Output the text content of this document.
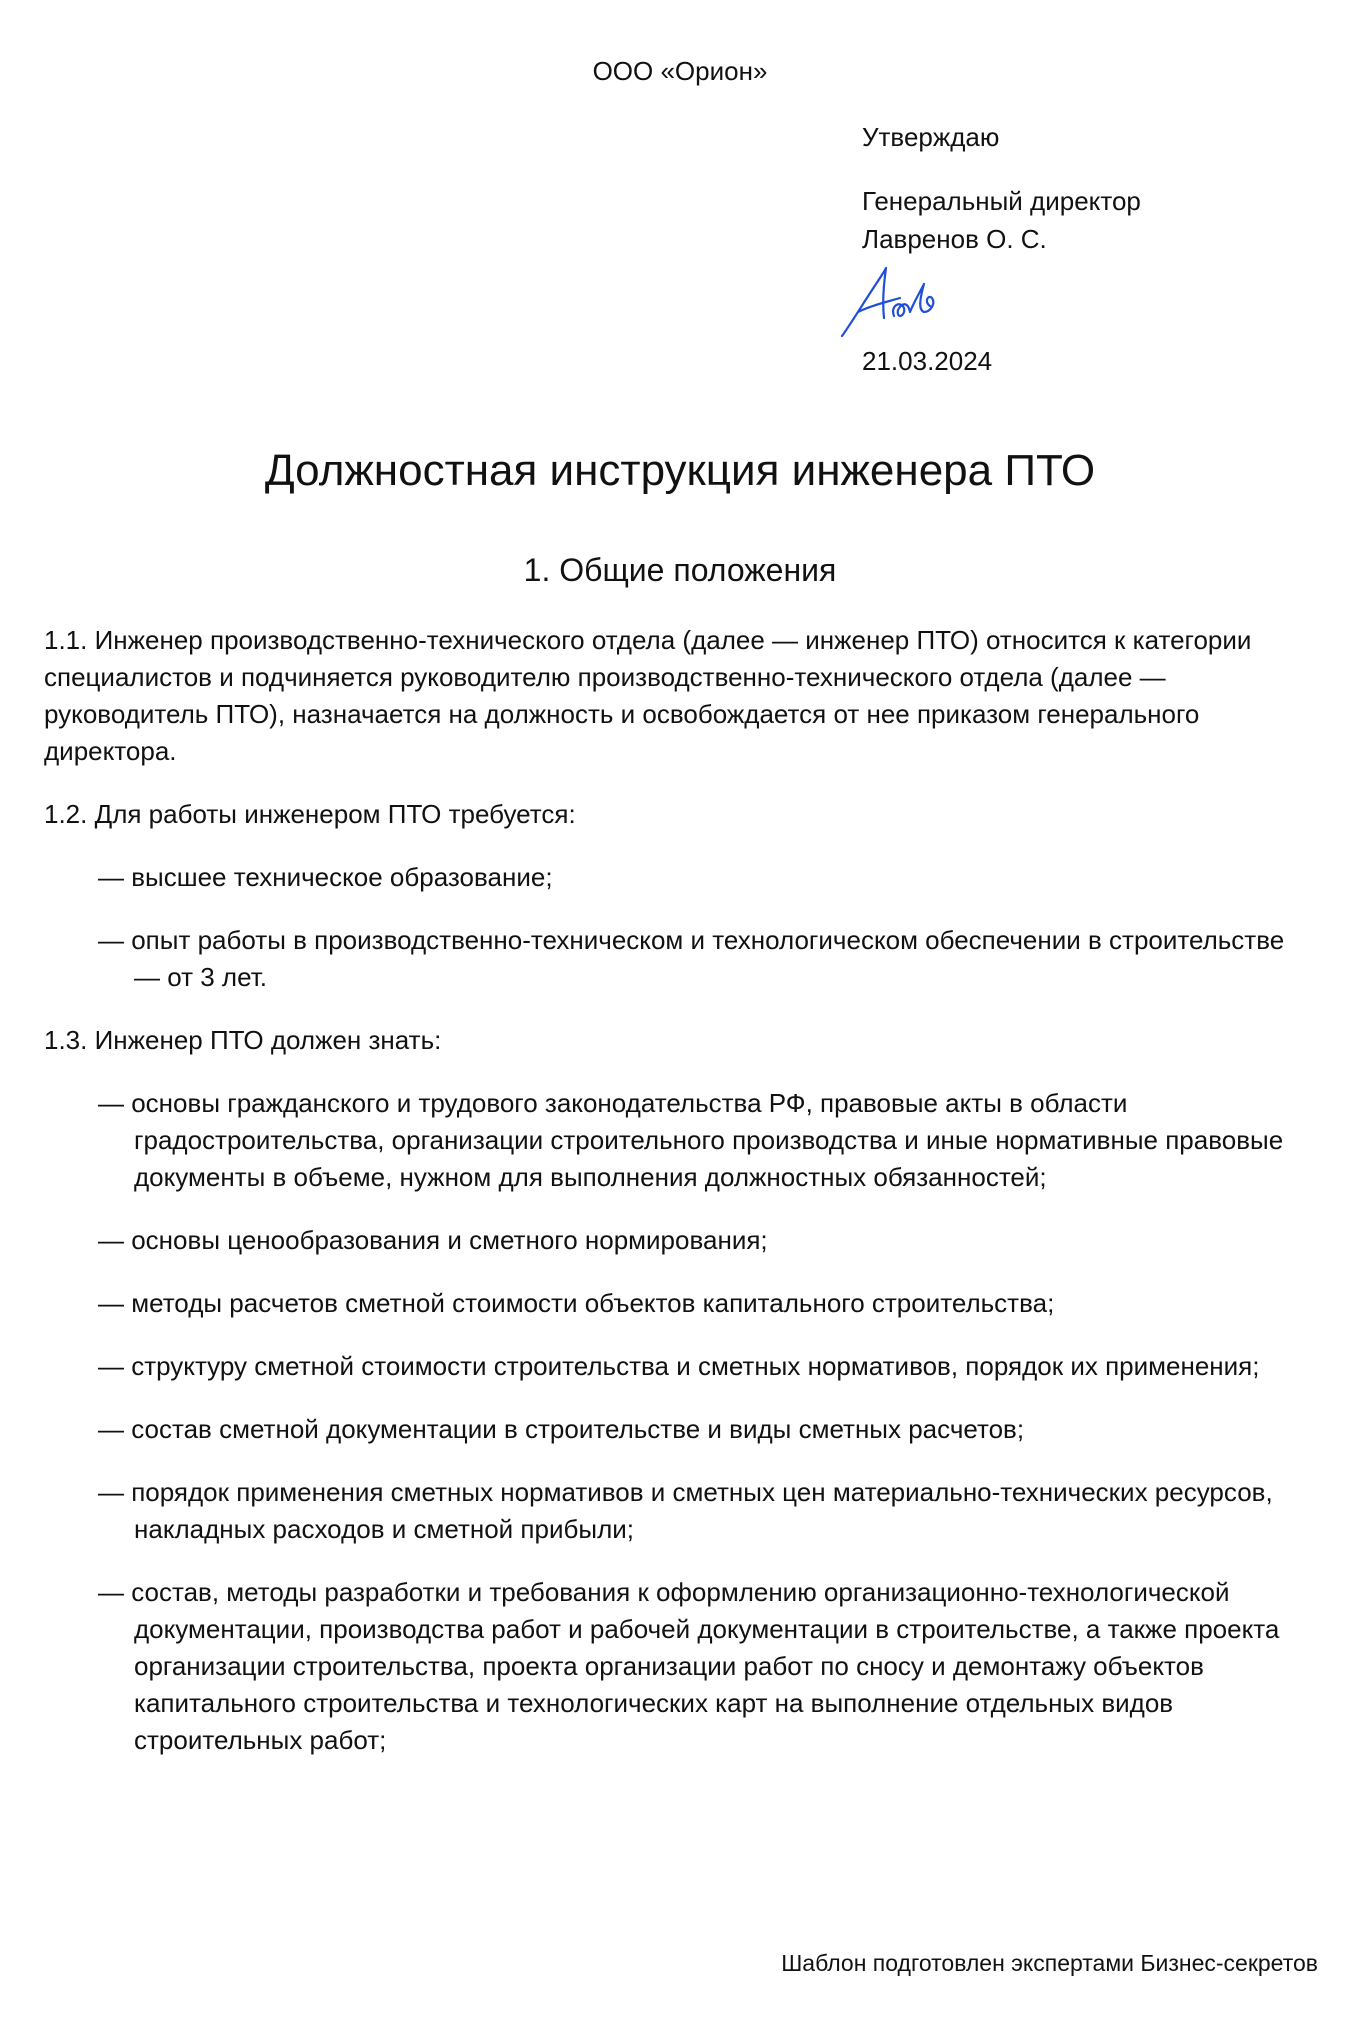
ООО «Орион»
Утверждаю
Генеральный директор
Лавренов О. С.
21.03.2024
Должностная инструкция инженера ПТО
1. Общие положения

1.1. Инженер производственно-технического отдела (далее — инженер ПТО) относится к категории специалистов и подчиняется руководителю производственно-технического отдела (далее — руководитель ПТО), назначается на должность и освобождается от нее приказом генерального директора.

1.2. Для работы инженером ПТО требуется:

— высшее техническое образование;
— опыт работы в производственно-техническом и технологическом обеспечении в строительстве — от 3 лет.

1.3. Инженер ПТО должен знать:

— основы гражданского и трудового законодательства РФ, правовые акты в области градостроительства, организации строительного производства и иные нормативные правовые документы в объеме, нужном для выполнения должностных обязанностей;
— основы ценообразования и сметного нормирования;
— методы расчетов сметной стоимости объектов капитального строительства;
— структуру сметной стоимости строительства и сметных нормативов, порядок их применения;
— состав сметной документации в строительстве и виды сметных расчетов;
— порядок применения сметных нормативов и сметных цен материально-технических ресурсов, накладных расходов и сметной прибыли;
— состав, методы разработки и требования к оформлению организационно-технологической документации, производства работ и рабочей документации в строительстве, а также проекта организации строительства, проекта организации работ по сносу и демонтажу объектов капитального строительства и технологических карт на выполнение отдельных видов строительных работ;
Шаблон подготовлен экспертами Бизнес-секретов
